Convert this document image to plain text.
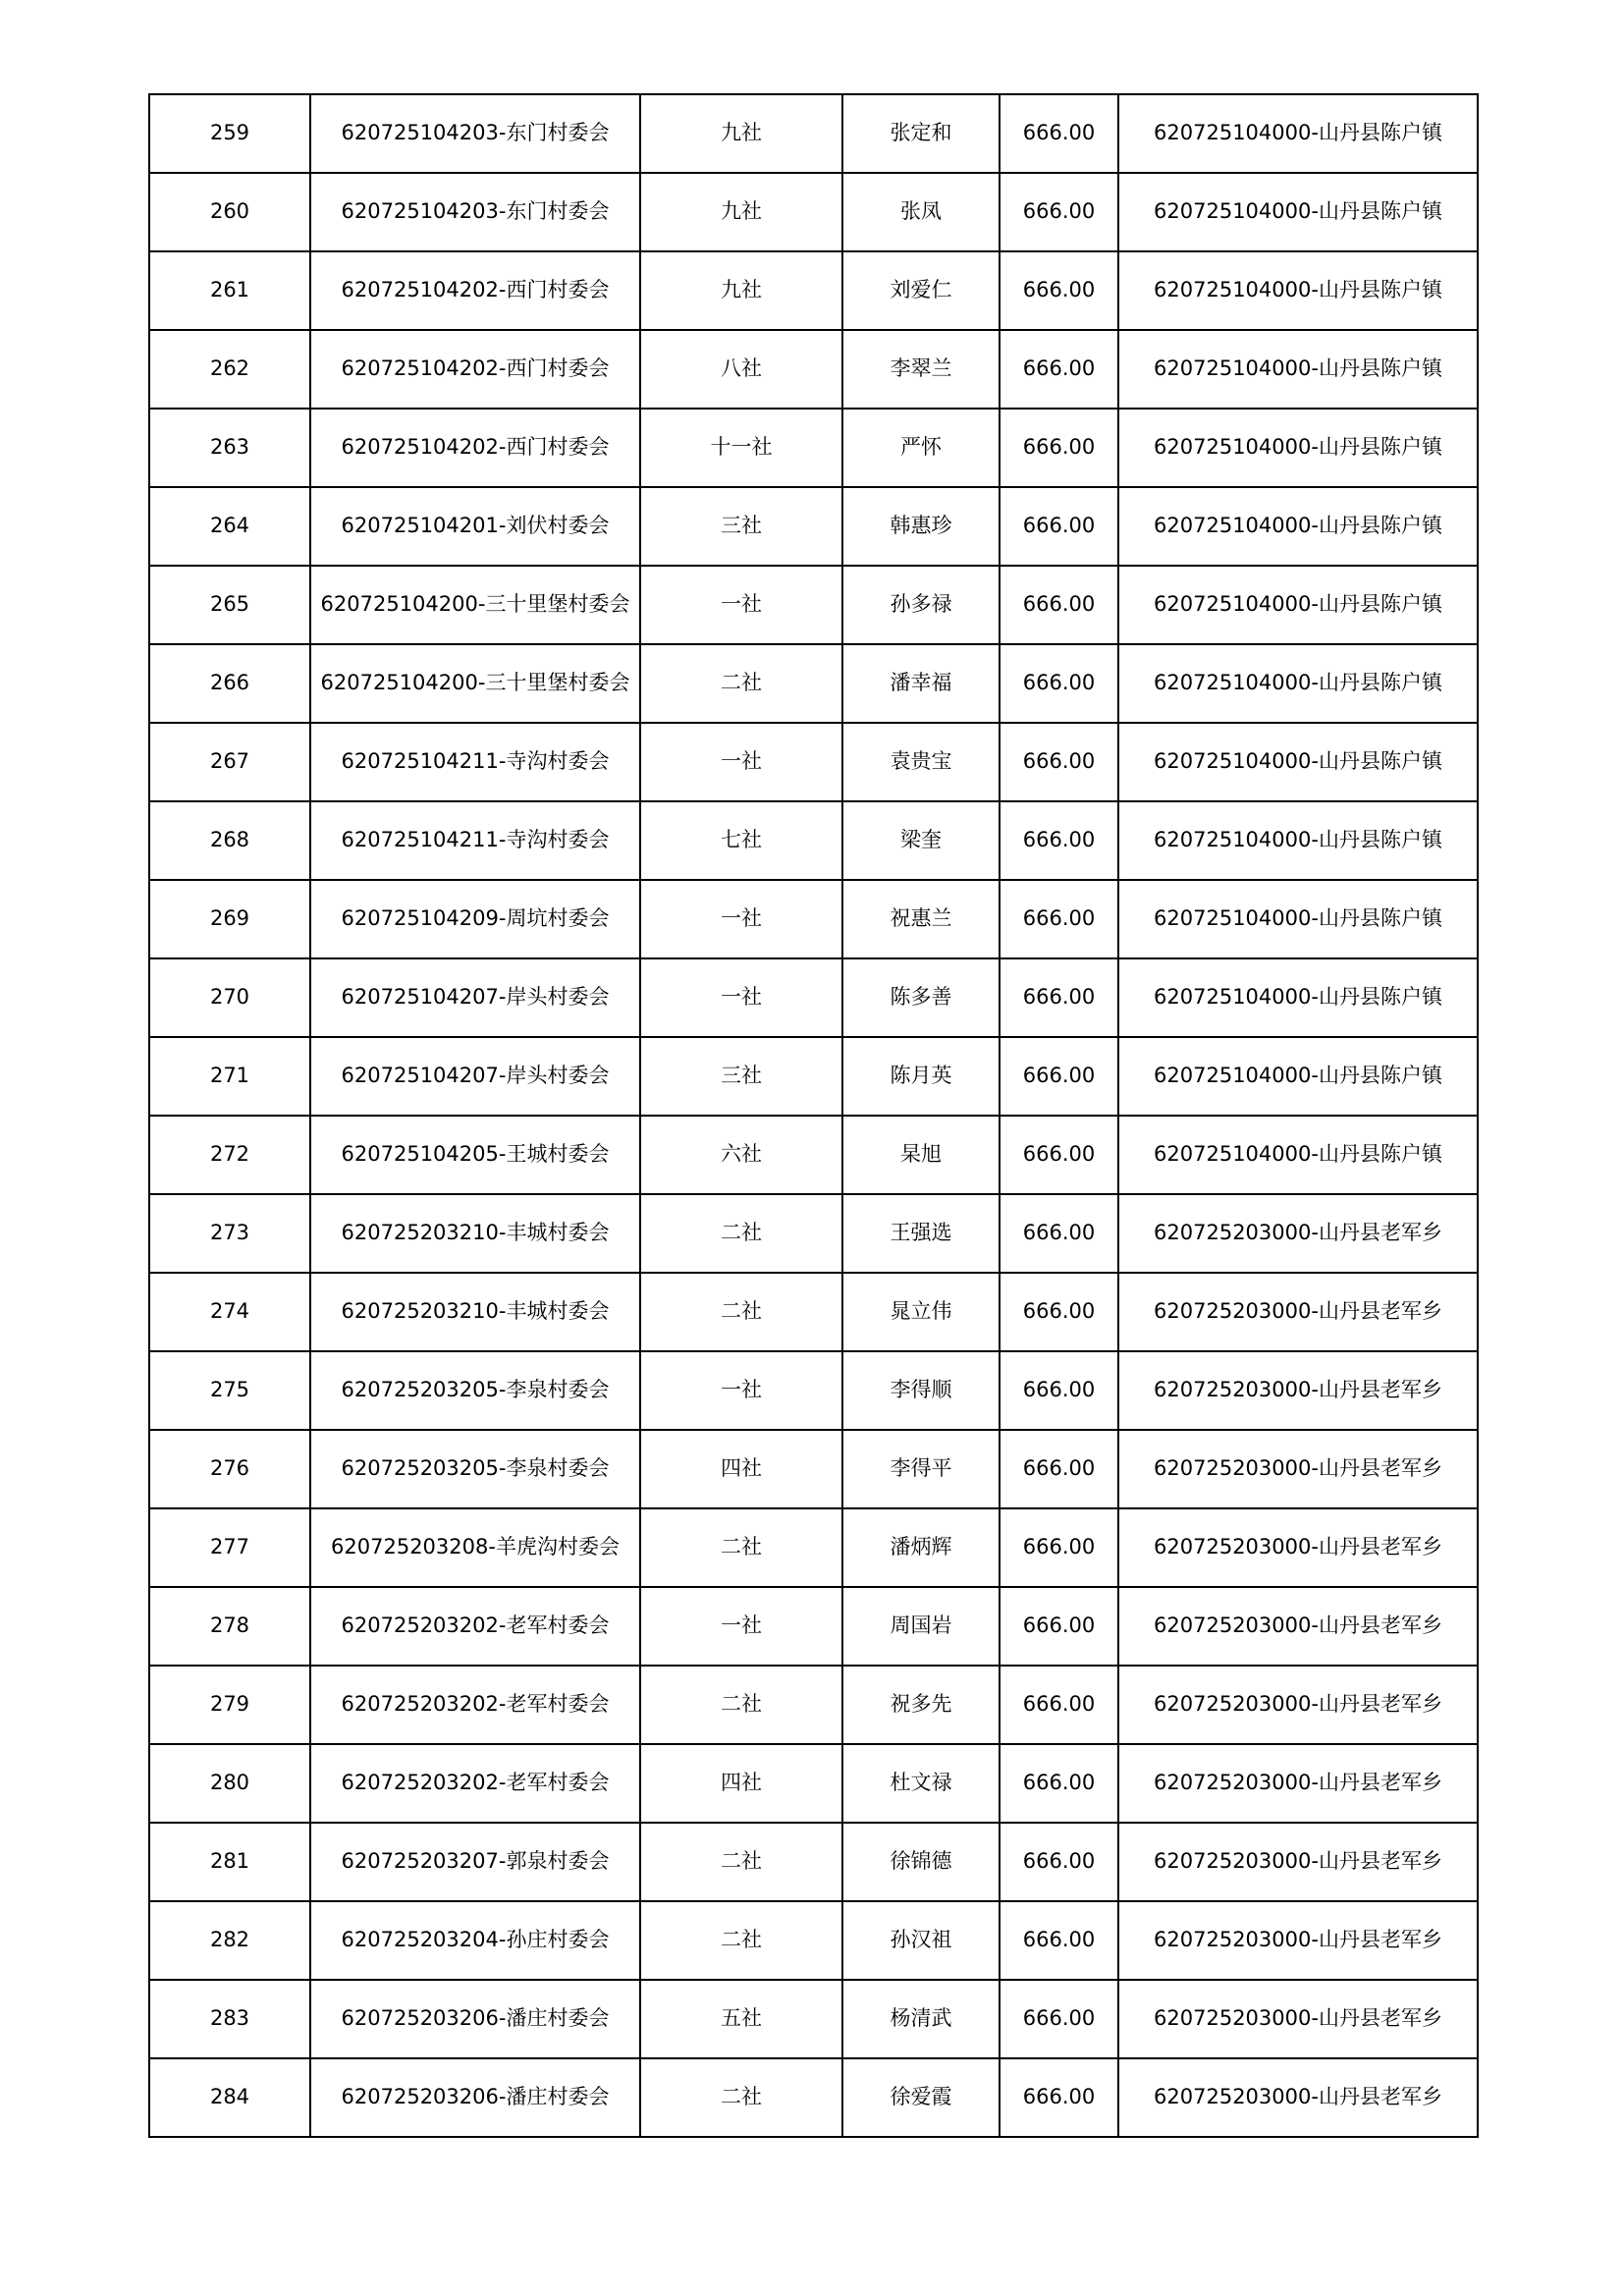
259	620725104203-东门村委会	九社	张定和	666.00	620725104000-山丹县陈户镇
260	620725104203-东门村委会	九社	张凤	666.00	620725104000-山丹县陈户镇
261	620725104202-西门村委会	九社	刘爱仁	666.00	620725104000-山丹县陈户镇
262	620725104202-西门村委会	八社	李翠兰	666.00	620725104000-山丹县陈户镇
263	620725104202-西门村委会	十一社	严怀	666.00	620725104000-山丹县陈户镇
264	620725104201-刘伏村委会	三社	韩惠珍	666.00	620725104000-山丹县陈户镇
265	620725104200-三十里堡村委会	一社	孙多禄	666.00	620725104000-山丹县陈户镇
266	620725104200-三十里堡村委会	二社	潘幸福	666.00	620725104000-山丹县陈户镇
267	620725104211-寺沟村委会	一社	袁贵宝	666.00	620725104000-山丹县陈户镇
268	620725104211-寺沟村委会	七社	梁奎	666.00	620725104000-山丹县陈户镇
269	620725104209-周坑村委会	一社	祝惠兰	666.00	620725104000-山丹县陈户镇
270	620725104207-岸头村委会	一社	陈多善	666.00	620725104000-山丹县陈户镇
271	620725104207-岸头村委会	三社	陈月英	666.00	620725104000-山丹县陈户镇
272	620725104205-王城村委会	六社	杲旭	666.00	620725104000-山丹县陈户镇
273	620725203210-丰城村委会	二社	王强选	666.00	620725203000-山丹县老军乡
274	620725203210-丰城村委会	二社	晁立伟	666.00	620725203000-山丹县老军乡
275	620725203205-李泉村委会	一社	李得顺	666.00	620725203000-山丹县老军乡
276	620725203205-李泉村委会	四社	李得平	666.00	620725203000-山丹县老军乡
277	620725203208-羊虎沟村委会	二社	潘炳辉	666.00	620725203000-山丹县老军乡
278	620725203202-老军村委会	一社	周国岩	666.00	620725203000-山丹县老军乡
279	620725203202-老军村委会	二社	祝多先	666.00	620725203000-山丹县老军乡
280	620725203202-老军村委会	四社	杜文禄	666.00	620725203000-山丹县老军乡
281	620725203207-郭泉村委会	二社	徐锦德	666.00	620725203000-山丹县老军乡
282	620725203204-孙庄村委会	二社	孙汉祖	666.00	620725203000-山丹县老军乡
283	620725203206-潘庄村委会	五社	杨清武	666.00	620725203000-山丹县老军乡
284	620725203206-潘庄村委会	二社	徐爱霞	666.00	620725203000-山丹县老军乡
